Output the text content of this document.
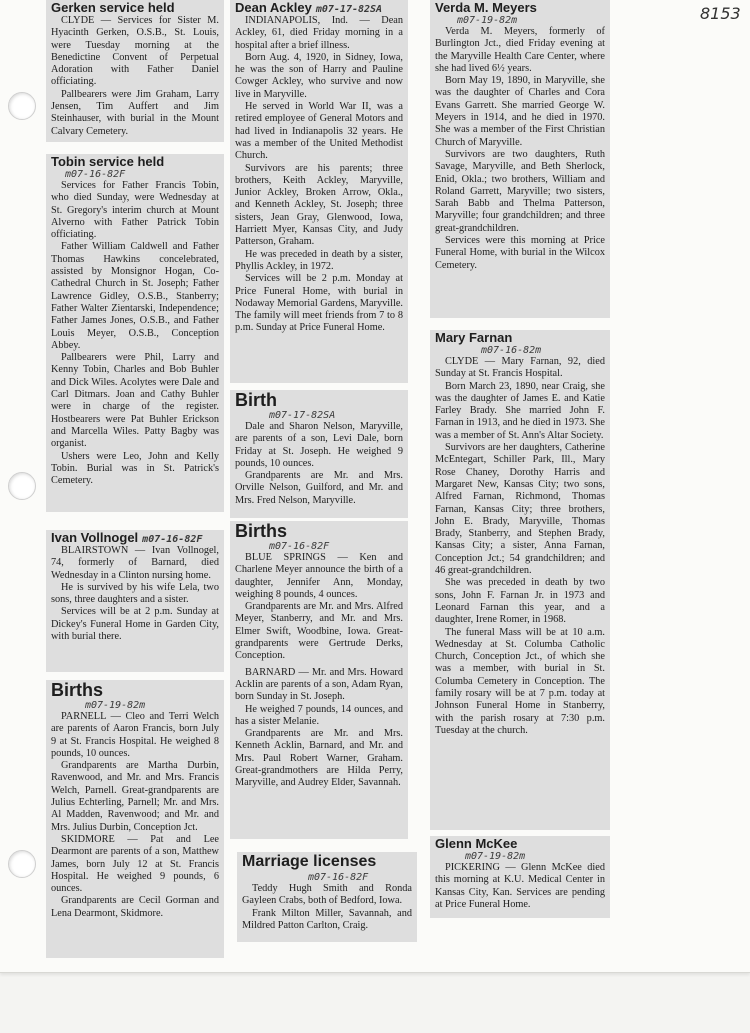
8153
Gerken service held

CLYDE — Services for Sister M. Hyacinth Gerken, O.S.B., St. Louis, were Tuesday morning at the Benedictine Convent of Perpetual Adoration with Father Daniel officiating.

Pallbearers were Jim Graham, Larry Jensen, Tim Auffert and Jim Steinhauser, with burial in the Mount Calvary Cemetery.

Tobin service held
m07-16-82F

Services for Father Francis Tobin, who died Sunday, were Wednesday at St. Gregory's interim church at Mount Alverno with Father Patrick Tobin officiating.

Father William Caldwell and Father Thomas Hawkins concelebrated, assisted by Monsignor Hogan, Co-Cathedral Church in St. Joseph; Father Lawrence Gidley, O.S.B., Stanberry; Father Walter Zientarski, Independence; Father James Jones, O.S.B., and Father Louis Meyer, O.S.B., Conception Abbey.

Pallbearers were Phil, Larry and Kenny Tobin, Charles and Bob Buhler and Dick Wiles. Acolytes were Dale and Carl Ditmars. Joan and Cathy Buhler were in charge of the register. Hostbearers were Pat Buhler Erickson and Marcella Wiles. Patty Bagby was organist.

Ushers were Leo, John and Kelly Tobin. Burial was in St. Patrick's Cemetery.

Ivan Vollnogel m07-16-82F

BLAIRSTOWN — Ivan Vollnogel, 74, formerly of Barnard, died Wednesday in a Clinton nursing home.

He is survived by his wife Lela, two sons, three daughters and a sister.

Services will be at 2 p.m. Sunday at Dickey's Funeral Home in Garden City, with burial there.

Births
m07-19-82m

PARNELL — Cleo and Terri Welch are parents of Aaron Francis, born July 9 at St. Francis Hospital. He weighed 8 pounds, 10 ounces.

Grandparents are Martha Durbin, Ravenwood, and Mr. and Mrs. Francis Welch, Parnell. Great-grandparents are Julius Echterling, Parnell; Mr. and Mrs. Al Madden, Ravenwood; and Mr. and Mrs. Julius Durbin, Conception Jct.

SKIDMORE — Pat and Lee Dearmont are parents of a son, Matthew James, born July 12 at St. Francis Hospital. He weighed 9 pounds, 6 ounces.

Grandparents are Cecil Gorman and Lena Dearmont, Skidmore.

Dean Ackley m07-17-82SA

INDIANAPOLIS, Ind. — Dean Ackley, 61, died Friday morning in a hospital after a brief illness.

Born Aug. 4, 1920, in Sidney, Iowa, he was the son of Harry and Pauline Cowger Ackley, who survive and now live in Maryville.

He served in World War II, was a retired employee of General Motors and had lived in Indianapolis 32 years. He was a member of the United Methodist Church.

Survivors are his parents; three brothers, Keith Ackley, Maryville, Junior Ackley, Broken Arrow, Okla., and Kenneth Ackley, St. Joseph; three sisters, Jean Gray, Glenwood, Iowa, Harriett Myer, Kansas City, and Judy Patterson, Graham.

He was preceded in death by a sister, Phyllis Ackley, in 1972.

Services will be 2 p.m. Monday at Price Funeral Home, with burial in Nodaway Memorial Gardens, Maryville. The family will meet friends from 7 to 8 p.m. Sunday at Price Funeral Home.

Birth
m07-17-82SA

Dale and Sharon Nelson, Maryville, are parents of a son, Levi Dale, born Friday at St. Joseph. He weighed 9 pounds, 10 ounces.

Grandparents are Mr. and Mrs. Orville Nelson, Guilford, and Mr. and Mrs. Fred Nelson, Maryville.

Births
m07-16-82F

BLUE SPRINGS — Ken and Charlene Meyer announce the birth of a daughter, Jennifer Ann, Monday, weighing 8 pounds, 4 ounces.

Grandparents are Mr. and Mrs. Alfred Meyer, Stanberry, and Mr. and Mrs. Elmer Swift, Woodbine, Iowa. Great-grandparents were Gertrude Derks, Conception.

BARNARD — Mr. and Mrs. Howard Acklin are parents of a son, Adam Ryan, born Sunday in St. Joseph.

He weighed 7 pounds, 14 ounces, and has a sister Melanie.

Grandparents are Mr. and Mrs. Kenneth Acklin, Barnard, and Mr. and Mrs. Paul Robert Warner, Graham. Great-grandmothers are Hilda Perry, Maryville, and Audrey Elder, Savannah.

Marriage licenses
m07-16-82F

Teddy Hugh Smith and Ronda Gayleen Crabs, both of Bedford, Iowa.

Frank Milton Miller, Savannah, and Mildred Patton Carlton, Craig.

Verda M. Meyers
m07-19-82m

Verda M. Meyers, formerly of Burlington Jct., died Friday evening at the Maryville Health Care Center, where she had lived 6½ years.

Born May 19, 1890, in Maryville, she was the daughter of Charles and Cora Evans Garrett. She married George W. Meyers in 1914, and he died in 1970. She was a member of the First Christian Church of Maryville.

Survivors are two daughters, Ruth Savage, Maryville, and Beth Sherlock, Enid, Okla.; two brothers, William and Roland Garrett, Maryville; two sisters, Sarah Babb and Thelma Patterson, Maryville; four grandchildren; and three great-grandchildren.

Services were this morning at Price Funeral Home, with burial in the Wilcox Cemetery.

Mary Farnan
m07-16-82m

CLYDE — Mary Farnan, 92, died Sunday at St. Francis Hospital.

Born March 23, 1890, near Craig, she was the daughter of James E. and Katie Farley Brady. She married John F. Farnan in 1913, and he died in 1973. She was a member of St. Ann's Altar Society.

Survivors are her daughters, Catherine McEntegart, Schiller Park, Ill., Mary Rose Chaney, Dorothy Harris and Margaret New, Kansas City; two sons, Alfred Farnan, Richmond, Thomas Farnan, Kansas City; three brothers, John E. Brady, Maryville, Thomas Brady, Stanberry, and Stephen Brady, Kansas City; a sister, Anna Farnan, Conception Jct.; 54 grandchildren; and 46 great-grandchildren.

She was preceded in death by two sons, John F. Farnan Jr. in 1973 and Leonard Farnan this year, and a daughter, Irene Romer, in 1968.

The funeral Mass will be at 10 a.m. Wednesday at St. Columba Catholic Church, Conception Jct., of which she was a member, with burial in St. Columba Cemetery in Conception. The family rosary will be at 7 p.m. today at Johnson Funeral Home in Stanberry, with the parish rosary at 7:30 p.m. Tuesday at the church.

Glenn McKee
m07-19-82m

PICKERING — Glenn McKee died this morning at K.U. Medical Center in Kansas City, Kan. Services are pending at Price Funeral Home.
